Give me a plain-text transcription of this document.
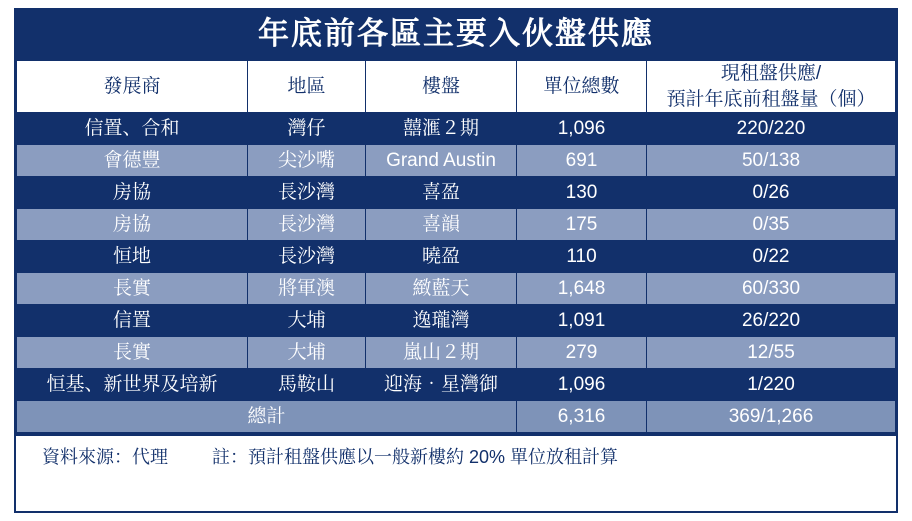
年底前各區主要入伙盤供應
發展商	地區	樓盤	單位總數	現租盤供應/
預計年底前租盤量（個）

信置、合和	灣仔	囍滙２期	1,096	220/220
會德豐	尖沙嘴	Grand Austin	691	50/138
房協	長沙灣	喜盈	130	0/26
房協	長沙灣	喜韻	175	0/35
恒地	長沙灣	曉盈	110	0/22
長實	將軍澳	緻藍天	1,648	60/330
信置	大埔	逸瓏灣	1,091	26/220
長實	大埔	嵐山２期	279	12/55
恒基、新世界及培新	馬鞍山	迎海‧星灣御	1,096	1/220
總計			6,316	369/1,266
資料來源：代理 註：預計租盤供應以一般新樓約 20% 單位放租計算
